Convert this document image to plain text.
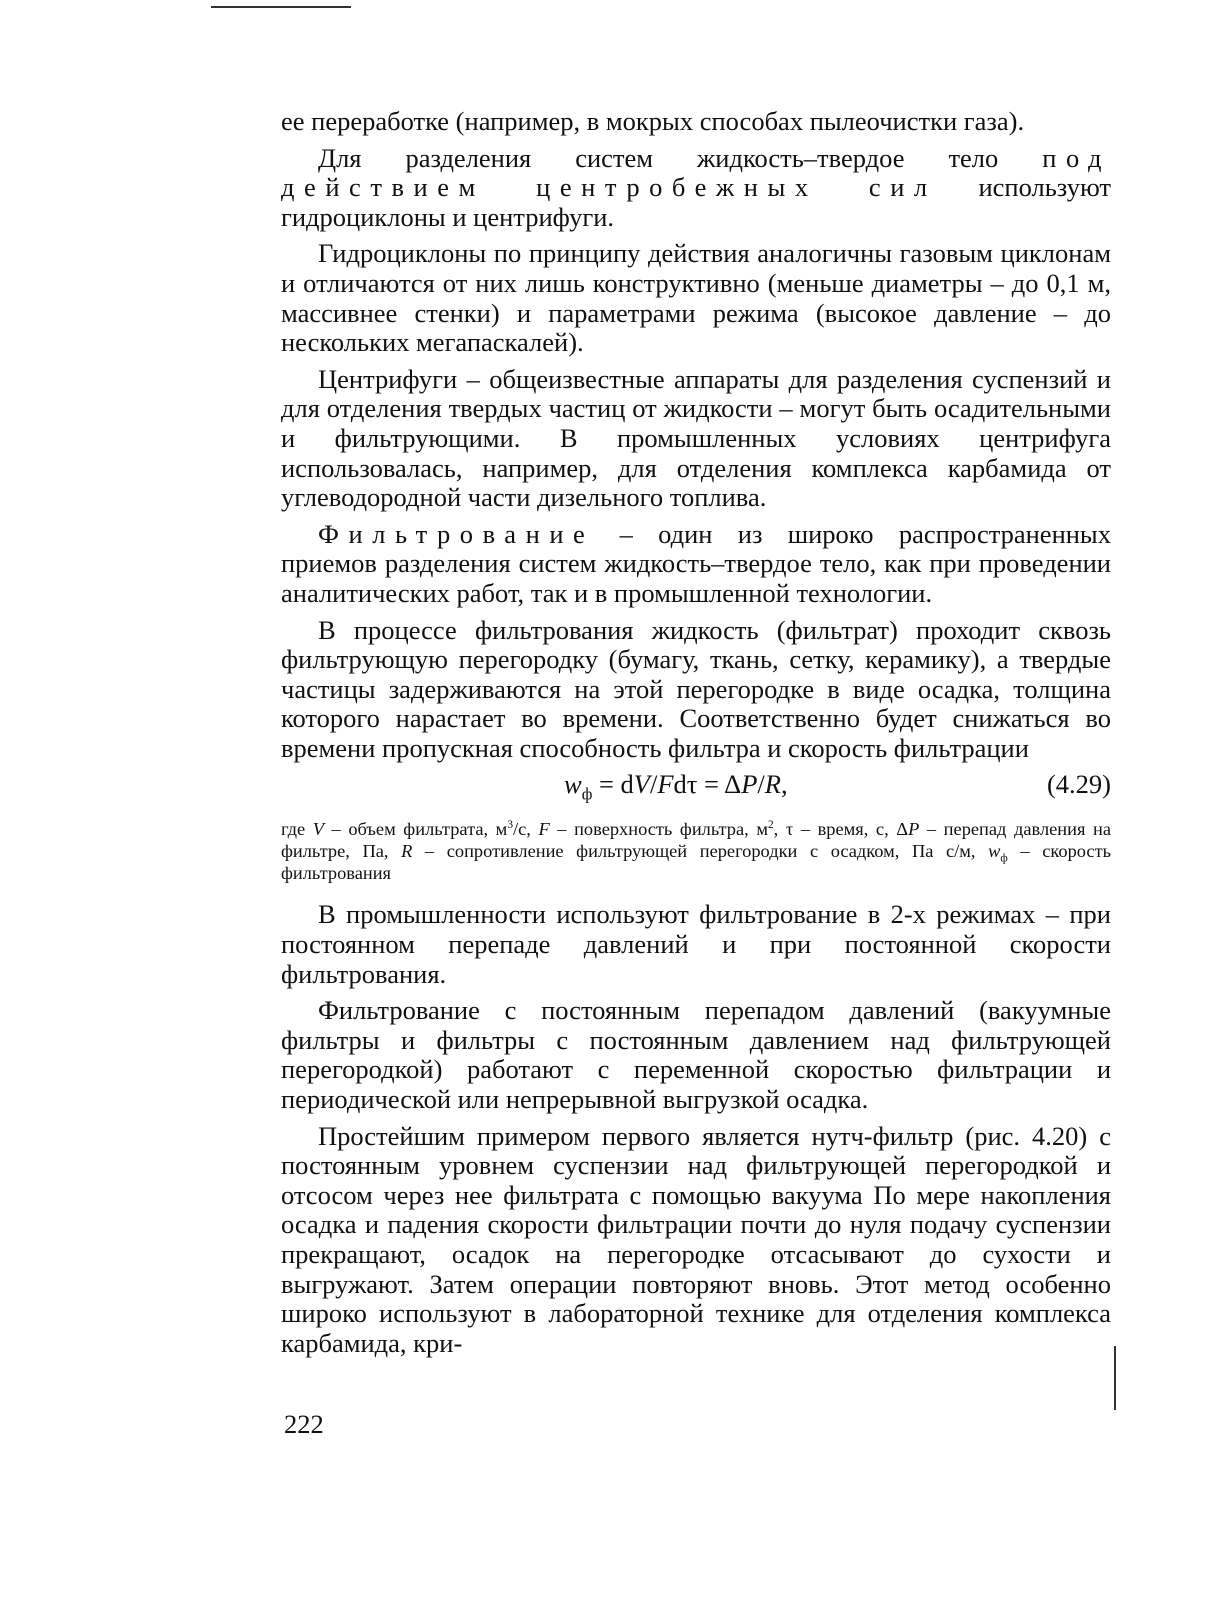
ее переработке (например, в мокрых способах пылеочистки газа).

Для разделения систем жидкость–твердое тело под действием центробежных сил используют гидроциклоны и центрифуги.

Гидроциклоны по принципу действия аналогичны газовым циклонам и отличаются от них лишь конструктивно (меньше диаметры – до 0,1 м, массивнее стенки) и параметрами режима (высокое давление – до нескольких мегапаскалей).

Центрифуги – общеизвестные аппараты для разделения суспензий и для отделения твердых частиц от жидкости – могут быть осадительными и фильтрующими. В промышленных условиях центрифуга использовалась, например, для отделения комплекса карбамида от углеводородной части дизельного топлива.

Фильтрование – один из широко распространенных приемов разделения систем жидкость–твердое тело, как при проведении аналитических работ, так и в промышленной технологии.

В процессе фильтрования жидкость (фильтрат) проходит сквозь фильтрующую перегородку (бумагу, ткань, сетку, керамику), а твердые частицы задерживаются на этой перегородке в виде осадка, толщина которого нарастает во времени. Соответственно будет снижаться во времени пропускная способность фильтра и скорость фильтрации

$w_ф = dV/Fd\tau = \Delta P/R$,	(4.29)

где V – объем фильтрата, $м^3/с$, F – поверхность фильтра, $м^2$, τ – время, с, ΔP – перепад давления на фильтре, Па, R – сопротивление фильтрующей перегородки с осадком, Па с/м, $w_ф$ – скорость фильтрования

В промышленности используют фильтрование в 2-х режимах – при постоянном перепаде давлений и при постоянной скорости фильтрования.

Фильтрование с постоянным перепадом давлений (вакуумные фильтры и фильтры с постоянным давлением над фильтрующей перегородкой) работают с переменной скоростью фильтрации и периодической или непрерывной выгрузкой осадка.

Простейшим примером первого является нутч-фильтр (рис. 4.20) с постоянным уровнем суспензии над фильтрующей перегородкой и отсосом через нее фильтрата с помощью вакуума По мере накопления осадка и падения скорости фильтрации почти до нуля подачу суспензии прекращают, осадок на перегородке отсасывают до сухости и выгружают. Затем операции повторяют вновь. Этот метод особенно широко используют в лабораторной технике для отделения комплекса карбамида, кри-

222
